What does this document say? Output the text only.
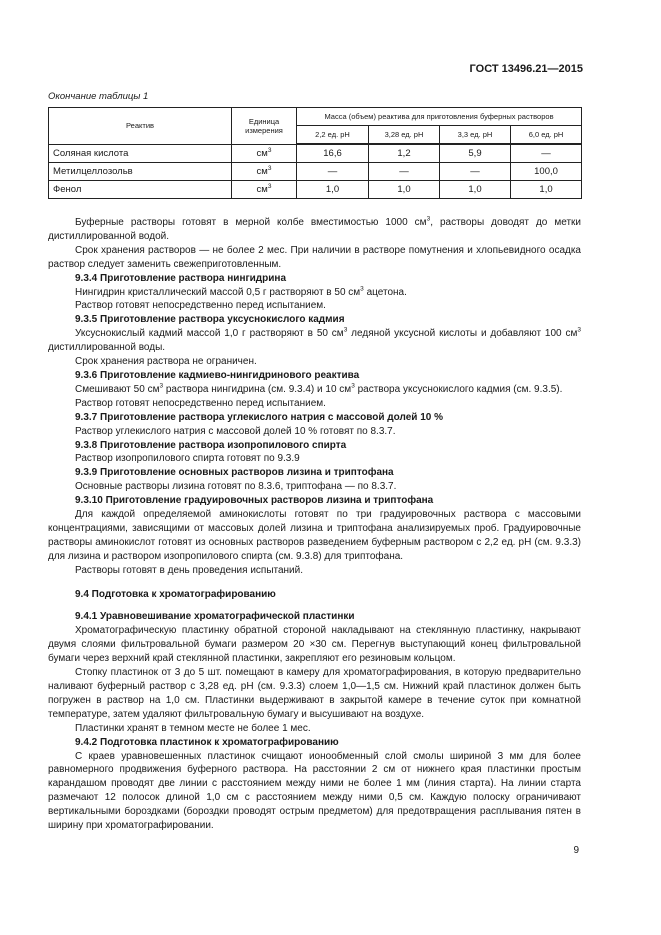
ГОСТ 13496.21—2015
Окончание таблицы 1
Реактив	Единица измерения	Масса (объем) реактива для приготовления буферных растворов			
		2,2 ед. pH	3,28 ед. pH	3,3 ед. pH	6,0 ед. pH
Соляная кислота	$см^3$	16,6	1,2	5,9	—
Метилцеллозольв	$см^3$	—	—	—	100,0
Фенол	$см^3$	1,0	1,0	1,0	1,0

Буферные растворы готовят в мерной колбе вместимостью 1000 $см^3$, растворы доводят до метки дистиллированной водой.

Срок хранения растворов — не более 2 мес. При наличии в растворе помутнения и хлопьевидного осадка раствор следует заменить свежеприготовленным.

9.3.4 Приготовление раствора нингидрина

Нингидрин кристаллический массой 0,5 г растворяют в 50 $см^3$ ацетона.

Раствор готовят непосредственно перед испытанием.

9.3.5 Приготовление раствора уксуснокислого кадмия

Уксуснокислый кадмий массой 1,0 г растворяют в 50 $см^3$ ледяной уксусной кислоты и добавляют 100 $см^3$ дистиллированной воды.

Срок хранения раствора не ограничен.

9.3.6 Приготовление кадмиево-нингидринового реактива

Смешивают 50 $см^3$ раствора нингидрина (см. 9.3.4) и 10 $см^3$ раствора уксуснокислого кадмия (см. 9.3.5).

Раствор готовят непосредственно перед испытанием.

9.3.7 Приготовление раствора углекислого натрия с массовой долей 10 %

Раствор углекислого натрия с массовой долей 10 % готовят по 8.3.7.

9.3.8 Приготовление раствора изопропилового спирта

Раствор изопропилового спирта готовят по 9.3.9

9.3.9 Приготовление основных растворов лизина и триптофана

Основные растворы лизина готовят по 8.3.6, триптофана — по 8.3.7.

9.3.10 Приготовление градуировочных растворов лизина и триптофана

Для каждой определяемой аминокислоты готовят по три градуировочных раствора с массовыми концентрациями, зависящими от массовых долей лизина и триптофана анализируемых проб. Градуировочные растворы аминокислот готовят из основных растворов разведением буферным раствором с 2,2 ед. pH (см. 9.3.3) для лизина и раствором изопропилового спирта (см. 9.3.8) для триптофана.

Растворы готовят в день проведения испытаний.

9.4 Подготовка к хроматографированию

9.4.1 Уравновешивание хроматографической пластинки

Хроматографическую пластинку обратной стороной накладывают на стеклянную пластинку, накрывают двумя слоями фильтровальной бумаги размером 20 ×30 см. Перегнув выступающий конец фильтровальной бумаги через верхний край стеклянной пластинки, закрепляют его резиновым кольцом.

Стопку пластинок от 3 до 5 шт. помещают в камеру для хроматографирования, в которую предварительно наливают буферный раствор с 3,28 ед. pH (см. 9.3.3) слоем 1,0—1,5 см. Нижний край пластинок должен быть погружен в раствор на 1,0 см. Пластинки выдерживают в закрытой камере в течение суток при комнатной температуре, затем удаляют фильтровальную бумагу и высушивают на воздухе.

Пластинки хранят в темном месте не более 1 мес.

9.4.2 Подготовка пластинок к хроматографированию

С краев уравновешенных пластинок счищают ионообменный слой смолы шириной 3 мм для более равномерного продвижения буферного раствора. На расстоянии 2 см от нижнего края пластинки простым карандашом проводят две линии с расстоянием между ними не более 1 мм (линия старта). На линии старта размечают 12 полосок длиной 1,0 см с расстоянием между ними 0,5 см. Каждую полоску ограничивают вертикальными бороздками (бороздки проводят острым предметом) для предотвращения расплывания пятен в ширину при хроматографировании.

9
